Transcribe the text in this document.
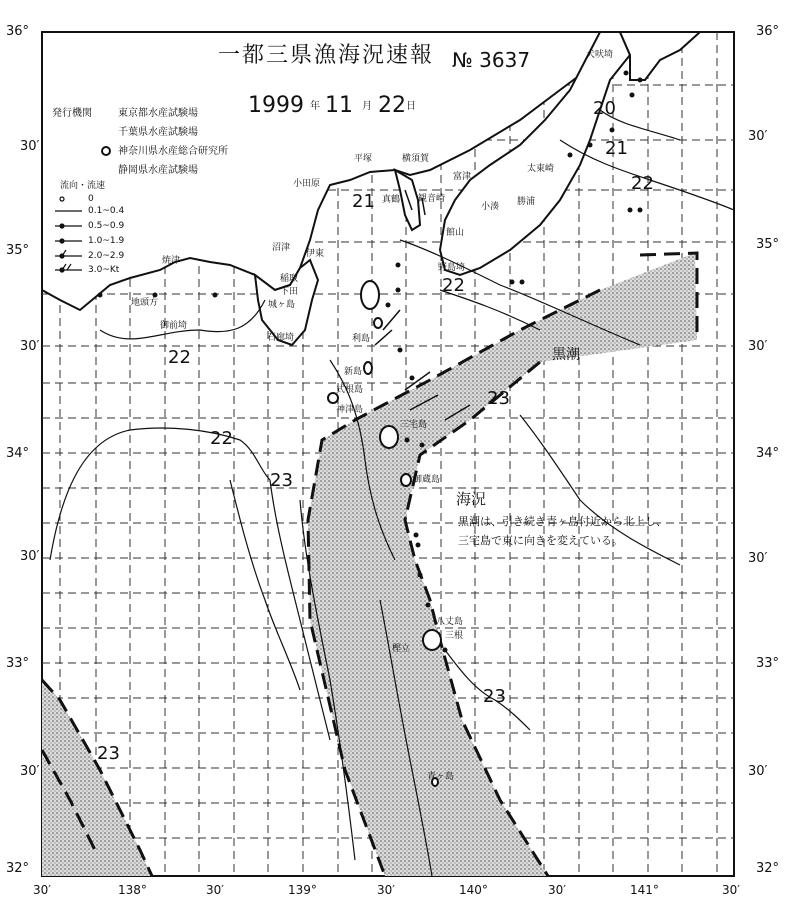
一都三県漁海況速報 № 3637
1999 年 11 月 22 日
発行機関	東京都水産試験場
千葉県水産試験場
神奈川県水産総合研究所
静岡県水産試験場
流向・流速
0
0.1~0.4
0.5~0.9
1.0~1.9
2.0~2.9
3.0~Kt
36°
30′
35°
30′
34°
30′
33°
30′
32°
36°
30′
35°
30′
34°
30′
33°
30′
32°
30′	138°	30′	139°	30′	140°	30′	141°	30′
犬吠埼
太東崎
勝浦
小湊
富津
館山
野島埼
平塚	横須賀
小田原
観音崎
真鶴
焼津
沼津
伊東
稲取
下田
城ヶ島
御前埼
地頭方
石廊埼	利島
新島
式根島
神津島
三宅島
御蔵島
八丈島
三根
樫立
青ヶ島
20
21
21
22
22
22
22
23
23
23
23
黒潮
海況
黒潮は、引き続き青ヶ島付近から北上し、
三宅島で東に向きを変えている。
